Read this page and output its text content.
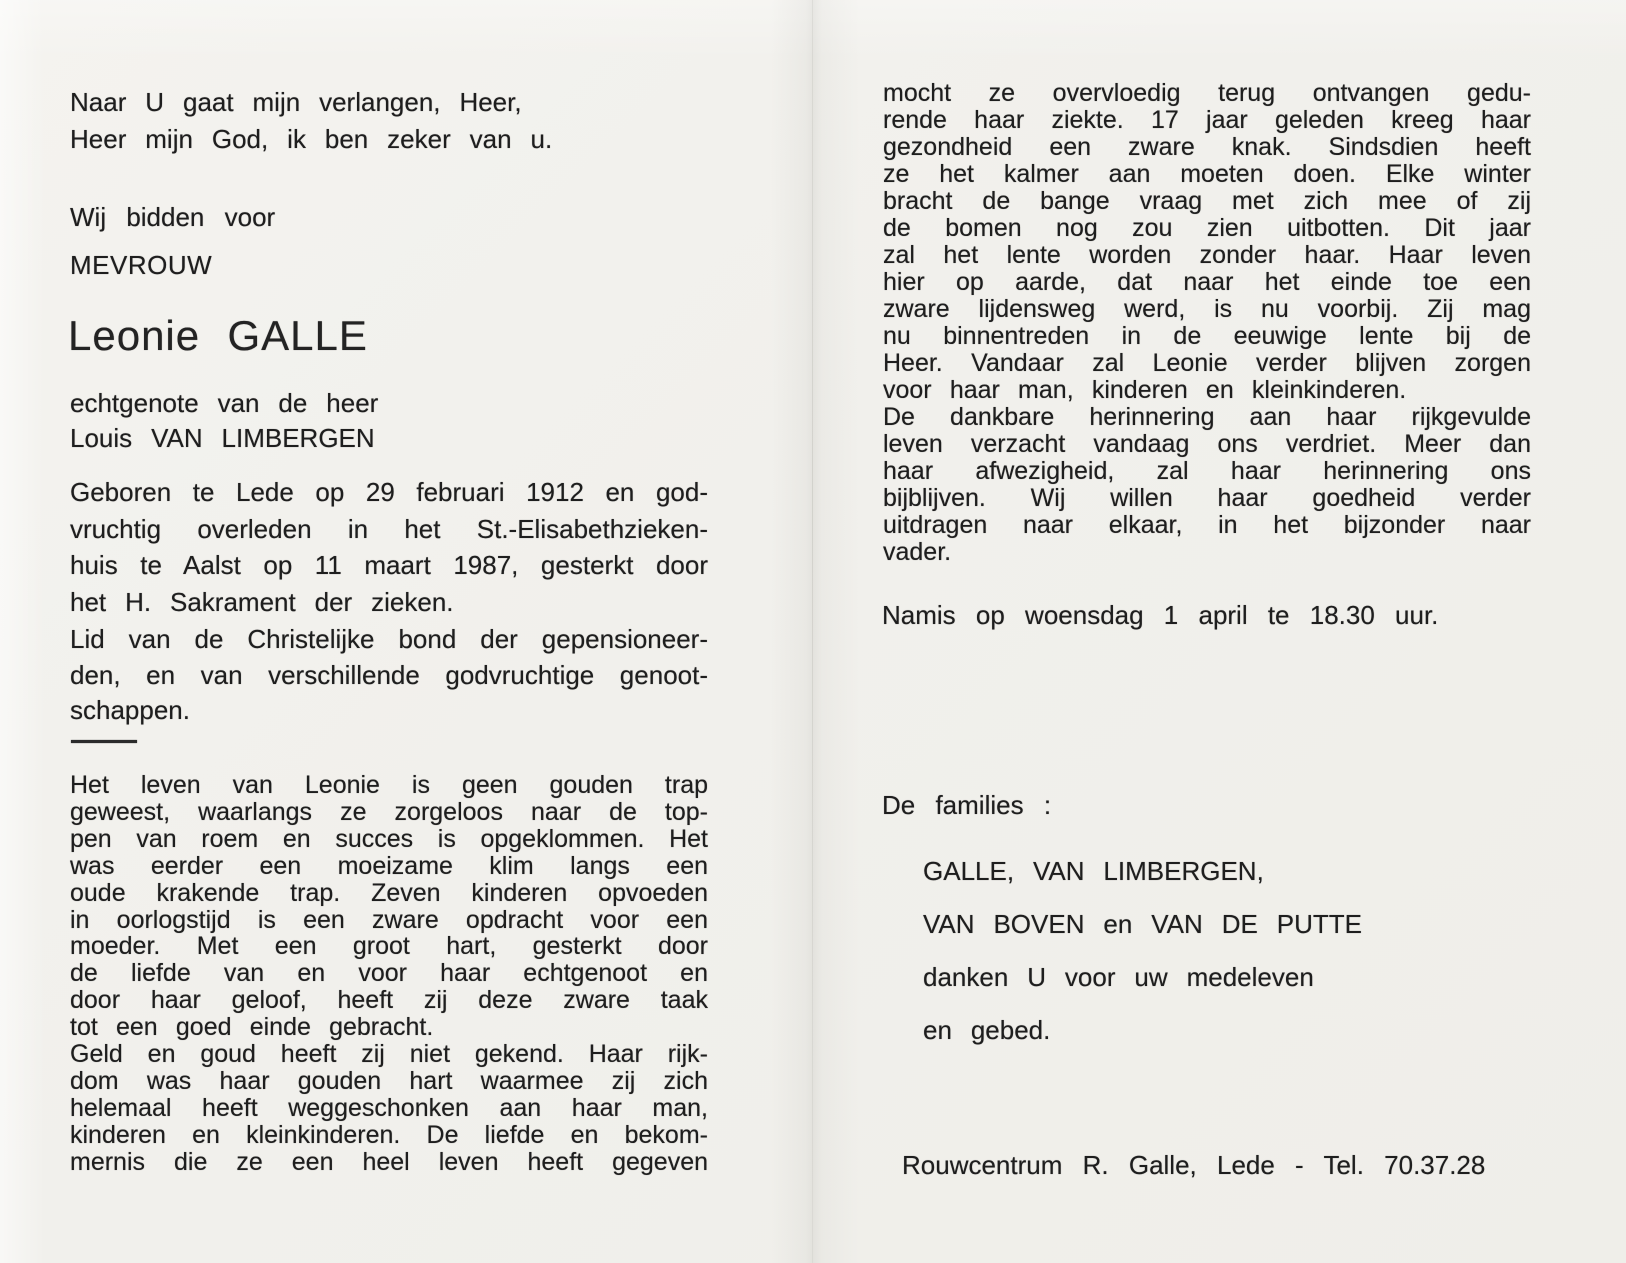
Naar U gaat mijn verlangen, Heer,
Heer mijn God, ik ben zeker van u.
Wij bidden voor
MEVROUW
Leonie GALLE
echtgenote van de heer
Louis VAN LIMBERGEN
Geboren te Lede op 29 februari 1912 en god-
vruchtig overleden in het St.-Elisabethzieken-
huis te Aalst op 11 maart 1987, gesterkt door
het H. Sakrament der zieken.
Lid van de Christelijke bond der gepensioneer-
den, en van verschillende godvruchtige genoot-
schappen.
Het leven van Leonie is geen gouden trap
geweest, waarlangs ze zorgeloos naar de top-
pen van roem en succes is opgeklommen. Het
was eerder een moeizame klim langs een
oude krakende trap. Zeven kinderen opvoeden
in oorlogstijd is een zware opdracht voor een
moeder. Met een groot hart, gesterkt door
de liefde van en voor haar echtgenoot en
door haar geloof, heeft zij deze zware taak
tot een goed einde gebracht.
Geld en goud heeft zij niet gekend. Haar rijk-
dom was haar gouden hart waarmee zij zich
helemaal heeft weggeschonken aan haar man,
kinderen en kleinkinderen. De liefde en bekom-
mernis die ze een heel leven heeft gegeven
mocht ze overvloedig terug ontvangen gedu-
rende haar ziekte. 17 jaar geleden kreeg haar
gezondheid een zware knak. Sindsdien heeft
ze het kalmer aan moeten doen. Elke winter
bracht de bange vraag met zich mee of zij
de bomen nog zou zien uitbotten. Dit jaar
zal het lente worden zonder haar. Haar leven
hier op aarde, dat naar het einde toe een
zware lijdensweg werd, is nu voorbij. Zij mag
nu binnentreden in de eeuwige lente bij de
Heer. Vandaar zal Leonie verder blijven zorgen
voor haar man, kinderen en kleinkinderen.
De dankbare herinnering aan haar rijkgevulde
leven verzacht vandaag ons verdriet. Meer dan
haar afwezigheid, zal haar herinnering ons
bijblijven. Wij willen haar goedheid verder
uitdragen naar elkaar, in het bijzonder naar
vader.
Namis op woensdag 1 april te 18.30 uur.
De families :
GALLE, VAN LIMBERGEN,
VAN BOVEN en VAN DE PUTTE
danken U voor uw medeleven
en gebed.
Rouwcentrum R. Galle, Lede - Tel. 70.37.28
